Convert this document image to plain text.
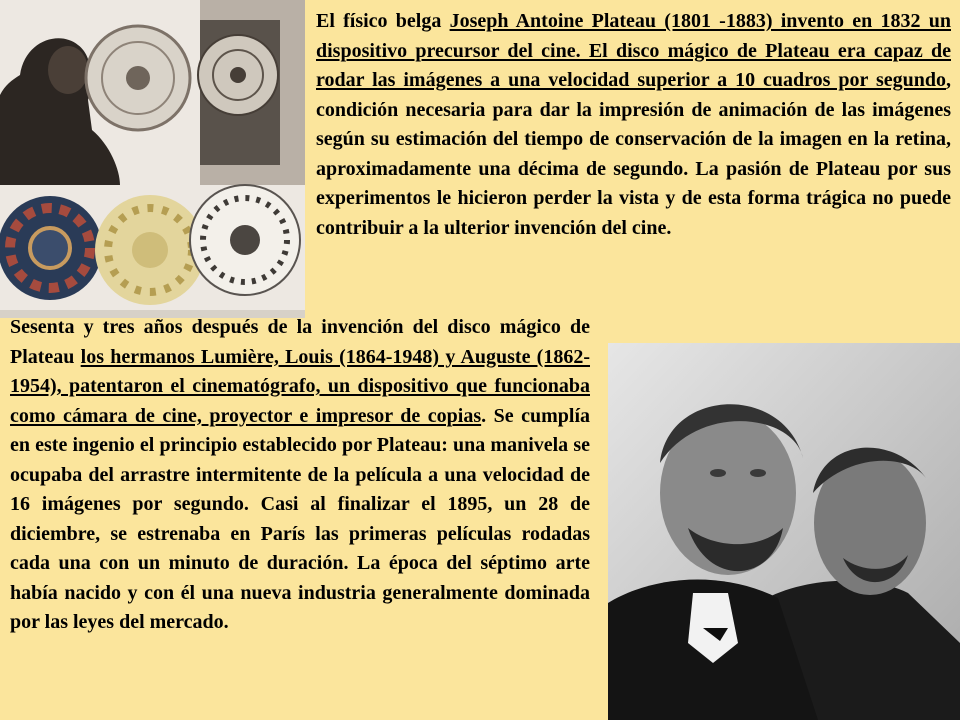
El físico belga Joseph Antoine Plateau (1801 -1883) invento en 1832 un dispositivo precursor del cine. El disco mágico de Plateau era capaz de rodar las imágenes a una velocidad superior a 10 cuadros por segundo, condición necesaria para dar la impresión de animación de las imágenes según su estimación del tiempo de conservación de la imagen en la retina, aproximadamente una décima de segundo. La pasión de Plateau por sus experimentos le hicieron perder la vista y de esta forma trágica no puede contribuir a la ulterior invención del cine.

Sesenta y tres años después de la invención del disco mágico de Plateau los hermanos Lumière, Louis (1864-1948) y Auguste (1862-1954), patentaron el cinematógrafo, un dispositivo que funcionaba como cámara de cine, proyector e impresor de copias. Se cumplía en este ingenio el principio establecido por Plateau: una manivela se ocupaba del arrastre intermitente de la película a una velocidad de 16 imágenes por segundo. Casi al finalizar el 1895, un 28 de diciembre, se estrenaba en París las primeras películas rodadas cada una con un minuto de duración. La época del séptimo arte había nacido y con él una nueva industria generalmente dominada por las leyes del mercado.
